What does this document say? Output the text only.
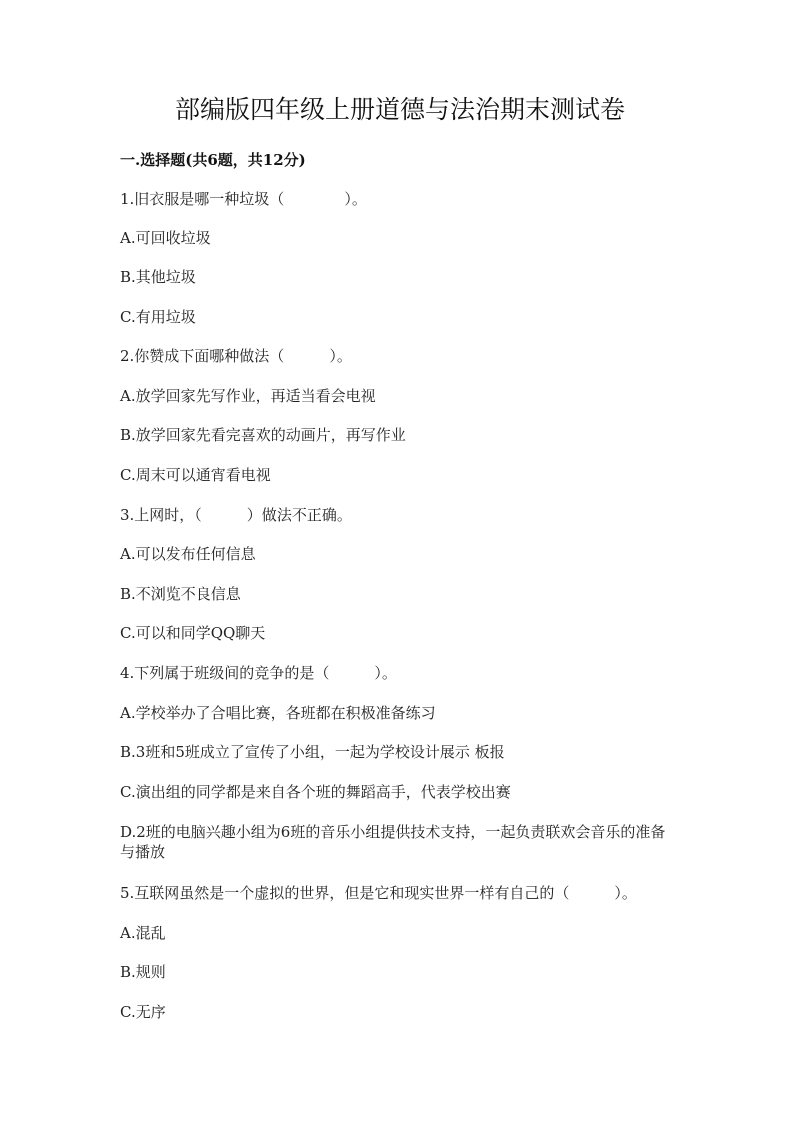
部编版四年级上册道德与法治期末测试卷
一.选择题(共6题，共12分)
1.旧衣服是哪一种垃圾（　　　　）。
A.可回收垃圾
B.其他垃圾
C.有用垃圾
2.你赞成下面哪种做法（　　　）。
A.放学回家先写作业，再适当看会电视
B.放学回家先看完喜欢的动画片，再写作业
C.周末可以通宵看电视
3.上网时，（　　　）做法不正确。
A.可以发布任何信息
B.不浏览不良信息
C.可以和同学QQ聊天
4.下列属于班级间的竞争的是（　　　）。
A.学校举办了合唱比赛，各班都在积极准备练习
B.3班和5班成立了宣传了小组，一起为学校设计展示 板报
C.演出组的同学都是来自各个班的舞蹈高手，代表学校出赛
D.2班的电脑兴趣小组为6班的音乐小组提供技术支持，一起负责联欢会音乐的准备与播放
5.互联网虽然是一个虚拟的世界，但是它和现实世界一样有自己的（　　　）。
A.混乱
B.规则
C.无序
